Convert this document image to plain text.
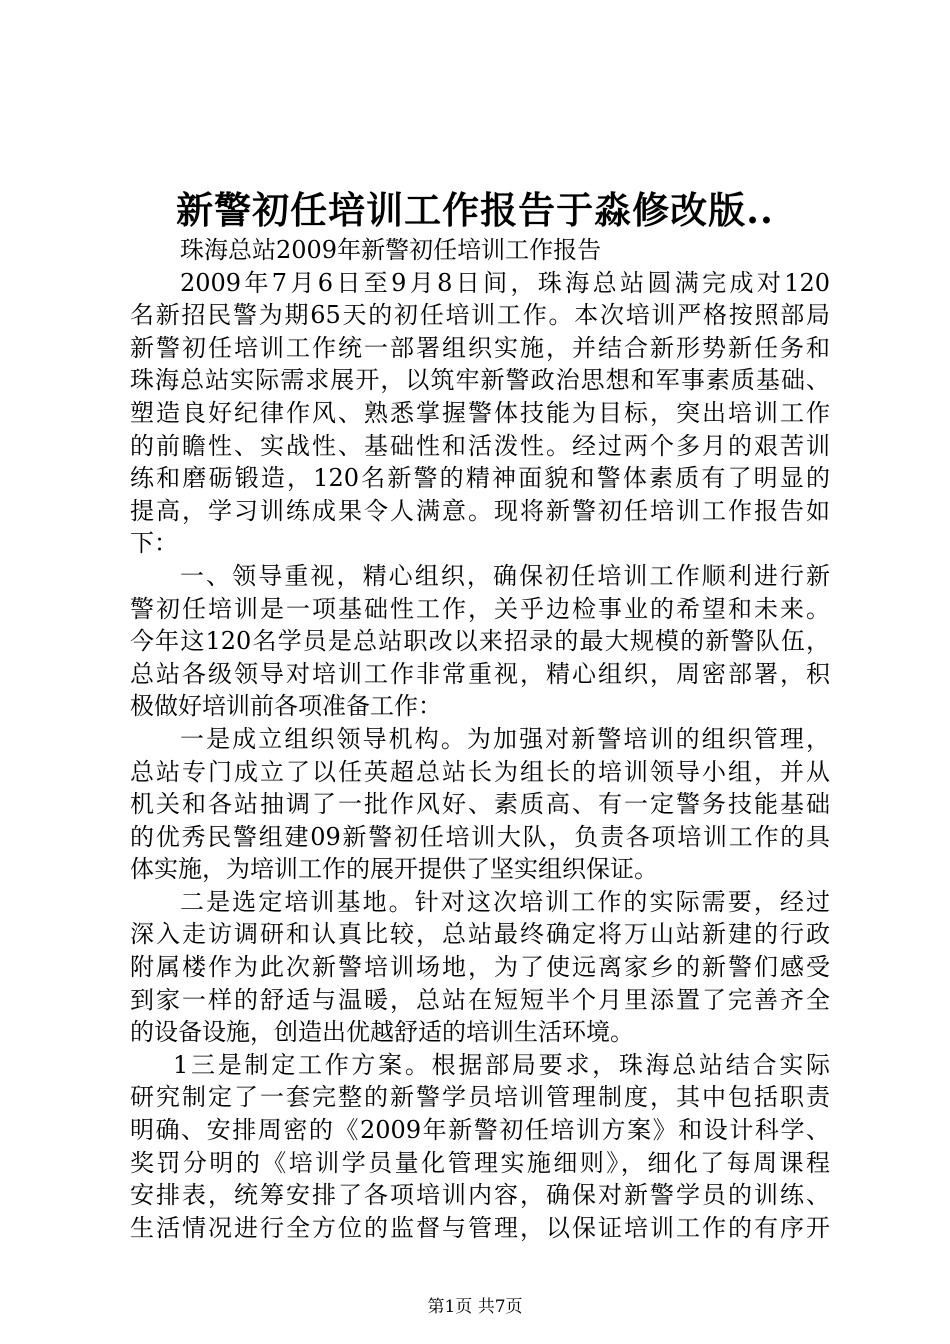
新警初任培训工作报告于淼修改版..
珠海总站2009年新警初任培训工作报告
2009年7月6日至9月8日间，珠海总站圆满完成对120
名新招民警为期65天的初任培训工作。本次培训严格按照部局
新警初任培训工作统一部署组织实施，并结合新形势新任务和
珠海总站实际需求展开，以筑牢新警政治思想和军事素质基础、
塑造良好纪律作风、熟悉掌握警体技能为目标，突出培训工作
的前瞻性、实战性、基础性和活泼性。经过两个多月的艰苦训
练和磨砺锻造，120名新警的精神面貌和警体素质有了明显的
提高，学习训练成果令人满意。现将新警初任培训工作报告如
下：
一、领导重视，精心组织，确保初任培训工作顺利进行新
警初任培训是一项基础性工作，关乎边检事业的希望和未来。
今年这120名学员是总站职改以来招录的最大规模的新警队伍，
总站各级领导对培训工作非常重视，精心组织，周密部署，积
极做好培训前各项准备工作：
一是成立组织领导机构。为加强对新警培训的组织管理，
总站专门成立了以任英超总站长为组长的培训领导小组，并从
机关和各站抽调了一批作风好、素质高、有一定警务技能基础
的优秀民警组建09新警初任培训大队，负责各项培训工作的具
体实施，为培训工作的展开提供了坚实组织保证。
二是选定培训基地。针对这次培训工作的实际需要，经过
深入走访调研和认真比较，总站最终确定将万山站新建的行政
附属楼作为此次新警培训场地，为了使远离家乡的新警们感受
到家一样的舒适与温暖，总站在短短半个月里添置了完善齐全
的设备设施，创造出优越舒适的培训生活环境。
1三是制定工作方案。根据部局要求，珠海总站结合实际
研究制定了一套完整的新警学员培训管理制度，其中包括职责
明确、安排周密的《2009年新警初任培训方案》和设计科学、
奖罚分明的《培训学员量化管理实施细则》，细化了每周课程
安排表，统筹安排了各项培训内容，确保对新警学员的训练、
生活情况进行全方位的监督与管理，以保证培训工作的有序开
第1页 共7页
